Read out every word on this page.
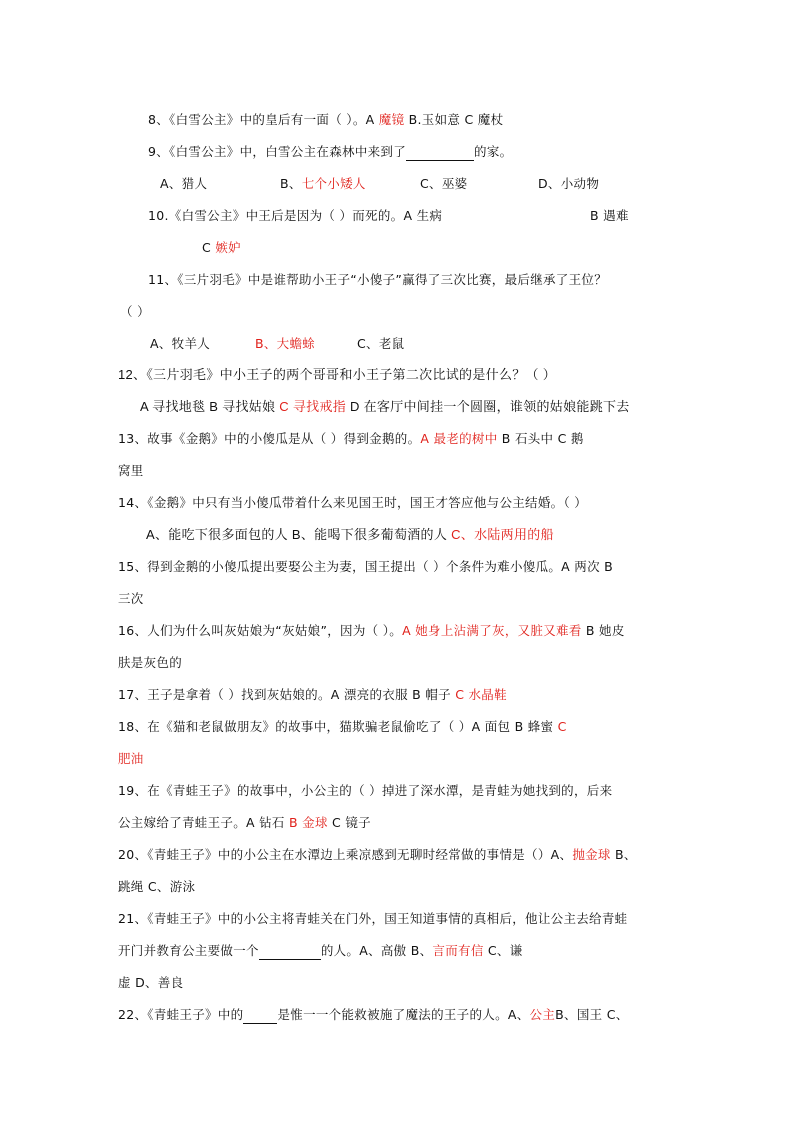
8、《白雪公主》中的皇后有一面（ ）。A 魔镜 B.玉如意 C 魔杖
9、《白雪公主》中，白雪公主在森林中来到了	的家。
A、猎人	B、七个小矮人	C、巫婆	D、小动物
10.《白雪公主》中王后是因为（ ）而死的。A 生病	B 遇难
C 嫉妒
11、《三片羽毛》中是谁帮助小王子“小傻子”赢得了三次比赛，最后继承了王位？
（ ）
A、牧羊人	B、大蟾蜍	C、老鼠
12、《三片羽毛》中小王子的两个哥哥和小王子第二次比试的是什么？（ ）
A 寻找地毯 B 寻找姑娘 C 寻找戒指 D 在客厅中间挂一个圆圈，谁领的姑娘能跳下去
13、故事《金鹅》中的小傻瓜是从（ ）得到金鹅的。A 最老的树中 B 石头中 C 鹅
窝里
14、《金鹅》中只有当小傻瓜带着什么来见国王时，国王才答应他与公主结婚。（ ）
A、能吃下很多面包的人 B、能喝下很多葡萄酒的人 C、水陆两用的船
15、得到金鹅的小傻瓜提出要娶公主为妻，国王提出（ ）个条件为难小傻瓜。A 两次 B
三次
16、人们为什么叫灰姑娘为“灰姑娘”，因为（ ）。A 她身上沾满了灰，又脏又难看 B 她皮
肤是灰色的
17、王子是拿着（ ）找到灰姑娘的。A 漂亮的衣服 B 帽子 C 水晶鞋
18、在《猫和老鼠做朋友》的故事中，猫欺骗老鼠偷吃了（ ）A 面包 B 蜂蜜 C
肥油
19、在《青蛙王子》的故事中，小公主的（ ）掉进了深水潭，是青蛙为她找到的，后来
公主嫁给了青蛙王子。A 钻石 B 金球 C 镜子
20、《青蛙王子》中的小公主在水潭边上乘凉感到无聊时经常做的事情是（）A、抛金球 B、
跳绳 C、游泳
21、《青蛙王子》中的小公主将青蛙关在门外，国王知道事情的真相后，他让公主去给青蛙
开门并教育公主要做一个	的人。A、高傲 B、言而有信 C、谦
虚 D、善良
22、《青蛙王子》中的	是惟一一个能救被施了魔法的王子的人。A、公主B、国王 C、
